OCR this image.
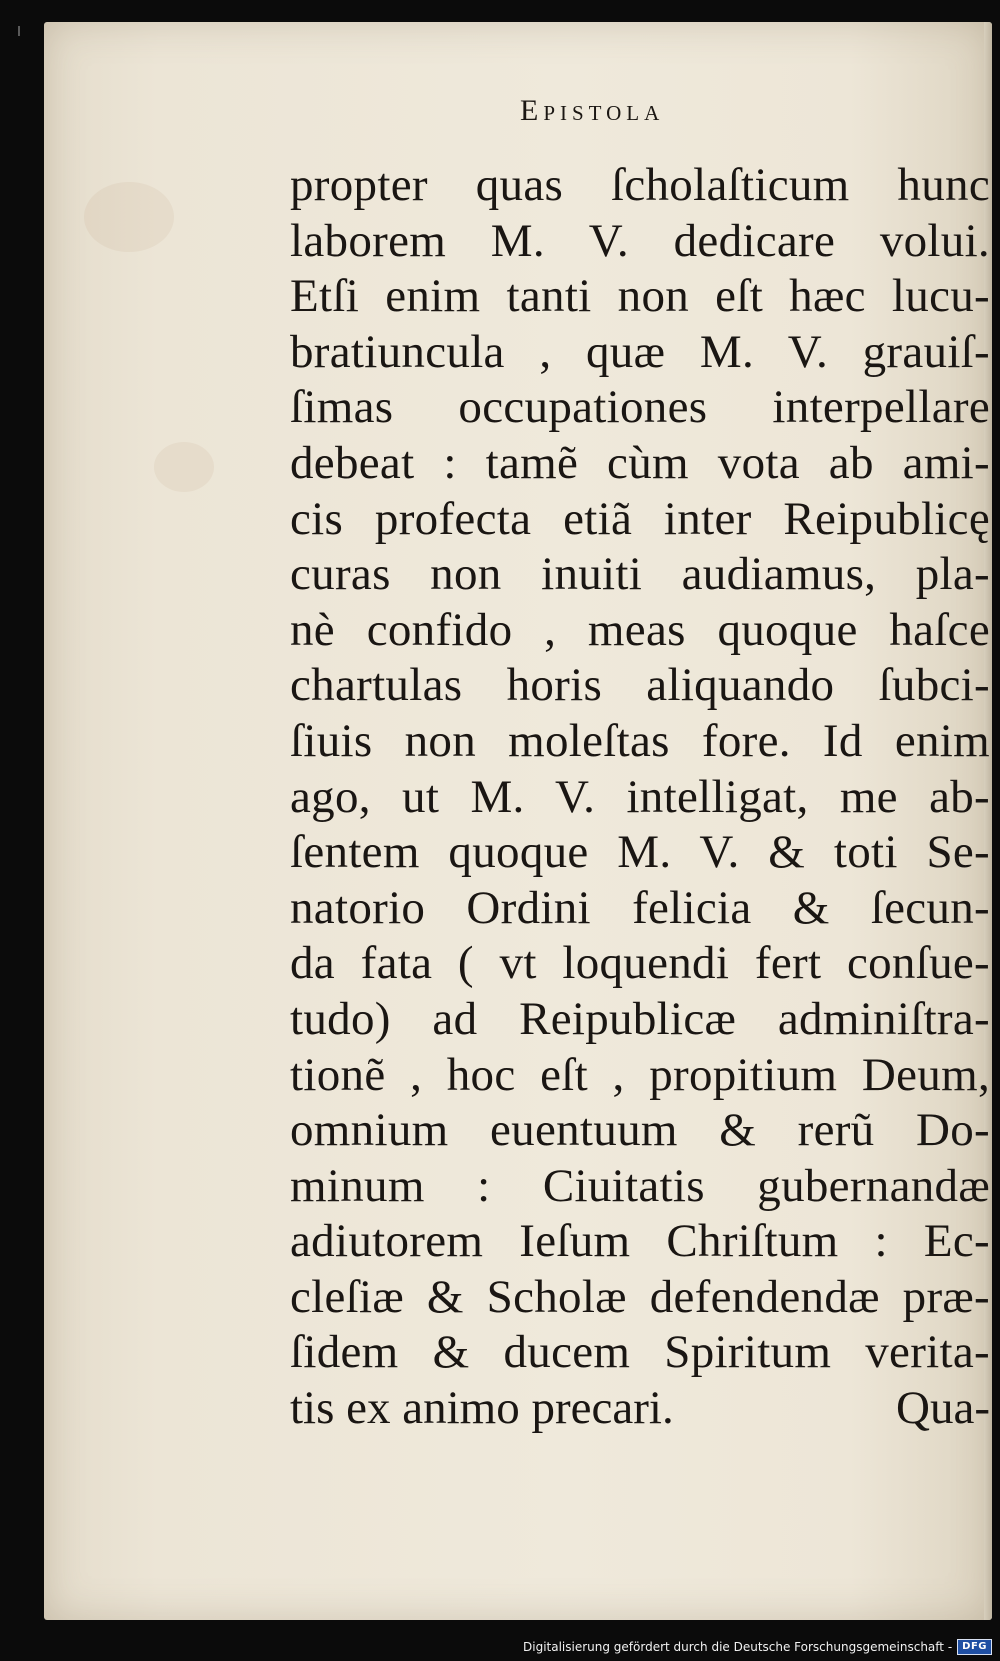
Epistola
propter quas ſcholaſticum hunc
laborem M. V. dedicare volui.
Etſi enim tanti non eſt hæc lucu-
bratiuncula , quæ M. V. grauiſ-
ſimas occupationes interpellare
debeat : tamẽ cùm vota ab ami-
cis profecta etiã inter Reipublicę
curas non inuiti audiamus, pla-
nè confido , meas quoque haſce
chartulas horis aliquando ſubci-
ſiuis non moleſtas fore. Id enim
ago, ut M. V. intelligat, me ab-
ſentem quoque M. V. & toti Se-
natorio Ordini felicia & ſecun-
da fata ( vt loquendi fert conſue-
tudo) ad Reipublicæ adminiſtra-
tionẽ , hoc eſt , propitium Deum,
omnium euentuum & rerũ Do-
minum : Ciuitatis gubernandæ
adiutorem Ieſum Chriſtum : Ec-
cleſiæ & Scholæ defendendæ præ-
ſidem & ducem Spiritum verita-
tis ex animo precari.	Qua-
Digitalisierung gefördert durch die Deutsche Forschungsgemeinschaft -	DFG
